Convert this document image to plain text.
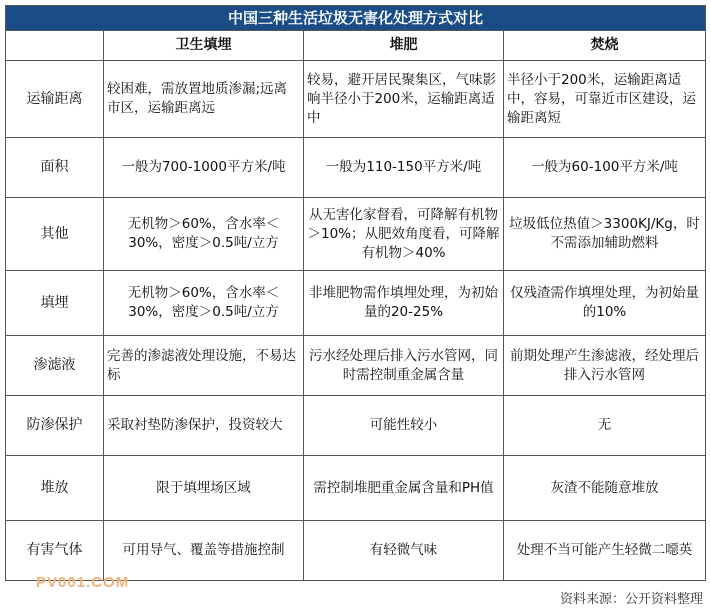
中国三种生活垃圾无害化处理方式对比			
	卫生填埋	堆肥	焚烧
运输距离	较困难，需放置地质渗漏;远离市区，运输距离远	较易，避开居民聚集区，气味影响半径小于200米，运输距离适中	半径小于200米，运输距离适中，容易，可靠近市区建设，运输距离短
面积	一般为700-1000平方米/吨	一般为110-150平方米/吨	一般为60-100平方米/吨
其他	无机物＞60%，含水率＜30%，密度＞0.5吨/立方	从无害化家督看，可降解有机物＞10%；从肥效角度看，可降解有机物＞40%	垃圾低位热值＞3300KJ/Kg，时不需添加辅助燃料
填埋	无机物＞60%，含水率＜30%，密度＞0.5吨/立方	非堆肥物需作填埋处理，为初始量的20-25%	仅残渣需作填埋处理，为初始量的10%
渗滤液	完善的渗滤液处理设施，不易达标	污水经处理后排入污水管网，同时需控制重金属含量	前期处理产生渗滤液，经处理后排入污水管网
防渗保护	采取衬垫防渗保护，投资较大	可能性较小	无
堆放	限于填埋场区域	需控制堆肥重金属含量和PH值	灰渣不能随意堆放
有害气体	可用导气、覆盖等措施控制	有轻微气味	处理不当可能产生轻微二噁英
PV001.COM
资料来源：公开资料整理
